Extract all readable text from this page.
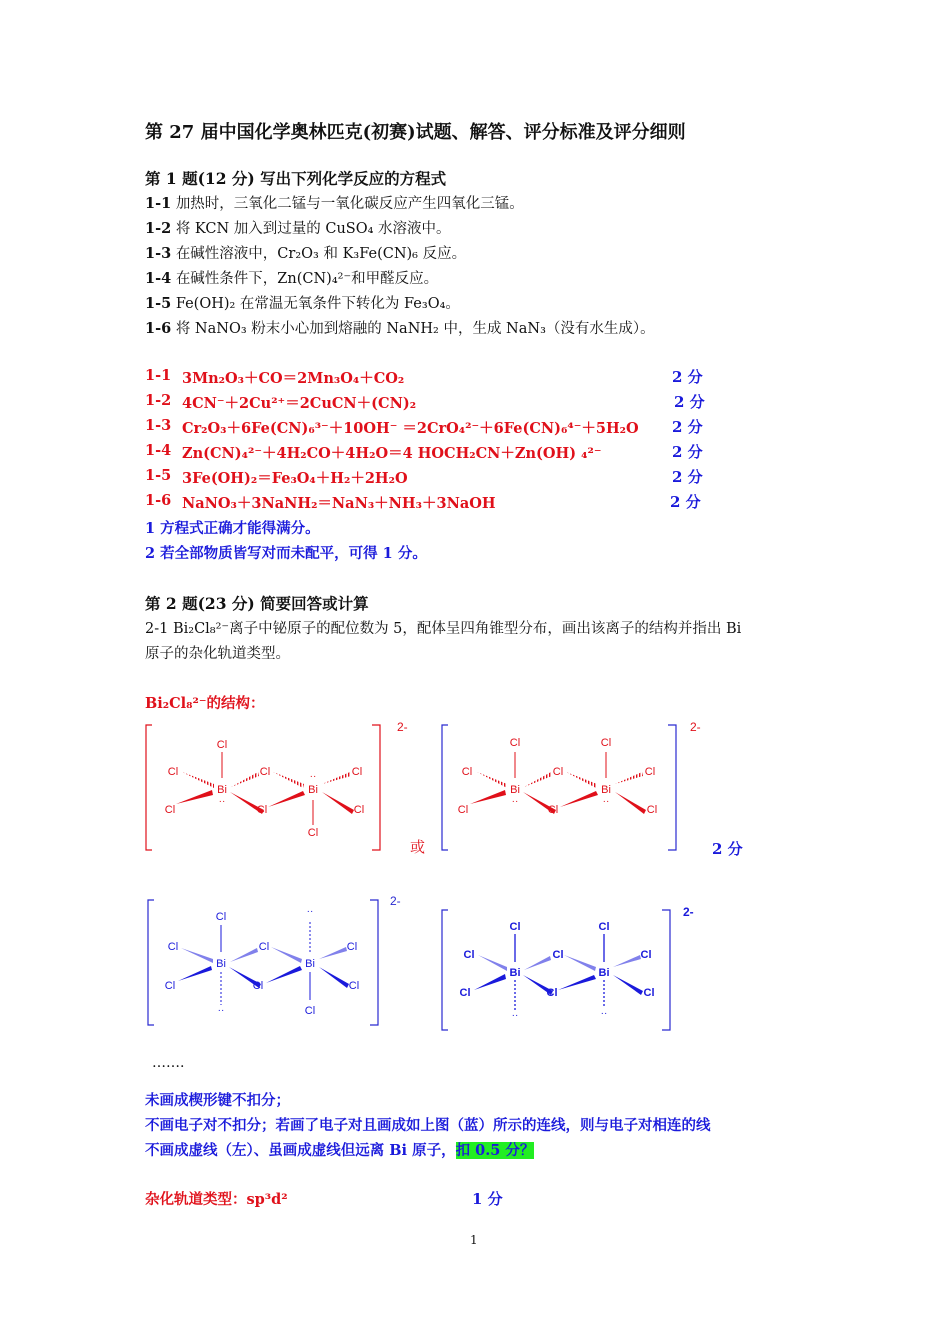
第 27 届中国化学奥林匹克(初赛)试题、解答、评分标准及评分细则
第 1 题(12 分) 写出下列化学反应的方程式
1-1 加热时，三氧化二锰与一氧化碳反应产生四氧化三锰。
1-2 将 KCN 加入到过量的 CuSO₄ 水溶液中。
1-3 在碱性溶液中，Cr₂O₃ 和 K₃Fe(CN)₆ 反应。
1-4 在碱性条件下，Zn(CN)₄²⁻和甲醛反应。
1-5 Fe(OH)₂ 在常温无氧条件下转化为 Fe₃O₄。
1-6 将 NaNO₃ 粉末小心加到熔融的 NaNH₂ 中，生成 NaN₃（没有水生成）。
1-1 3Mn₂O₃＋CO＝2Mn₃O₄＋CO₂	2 分
1-2 4CN⁻＋2Cu²⁺＝2CuCN＋(CN)₂	2 分
1-3 Cr₂O₃＋6Fe(CN)₆³⁻＋10OH⁻ ＝2CrO₄²⁻＋6Fe(CN)₆⁴⁻＋5H₂O 2 分
1-4 Zn(CN)₄²⁻＋4H₂CO＋4H₂O＝4 HOCH₂CN＋Zn(OH) ₄²⁻	2 分
1-5 3Fe(OH)₂＝Fe₃O₄＋H₂＋2H₂O	2 分
1-6 NaNO₃＋3NaNH₂＝NaN₃＋NH₃＋3NaOH	2 分
1 方程式正确才能得满分。
2 若全部物质皆写对而未配平，可得 1 分。
第 2 题(23 分) 简要回答或计算
2-1 Bi₂Cl₈²⁻离子中铋原子的配位数为 5，配体呈四角锥型分布，画出该离子的结构并指出 Bi
原子的杂化轨道类型。
Bi₂Cl₈²⁻的结构：
2-
Cl
Cl
Cl
Bi
··
Cl
Cl
··
Bi
Cl
Cl
Cl
或
2-
Cl	Cl
Cl
Cl
Bi
··
Cl
Cl
Bi
··
Cl
Cl
2-
Cl
Cl
Cl
Bi
··
Cl
Cl
··
Bi
Cl
Cl
Cl
2-
Cl	Cl
Cl
Cl
Bi
··
Cl
Cl
Bi
··
Cl
Cl
2 分
…….
未画成楔形键不扣分；
不画电子对不扣分；若画了电子对且画成如上图（蓝）所示的连线，则与电子对相连的线
不画成虚线（左）、虽画成虚线但远离 Bi 原子，扣 0.5 分？
杂化轨道类型：sp³d²	1 分
1
